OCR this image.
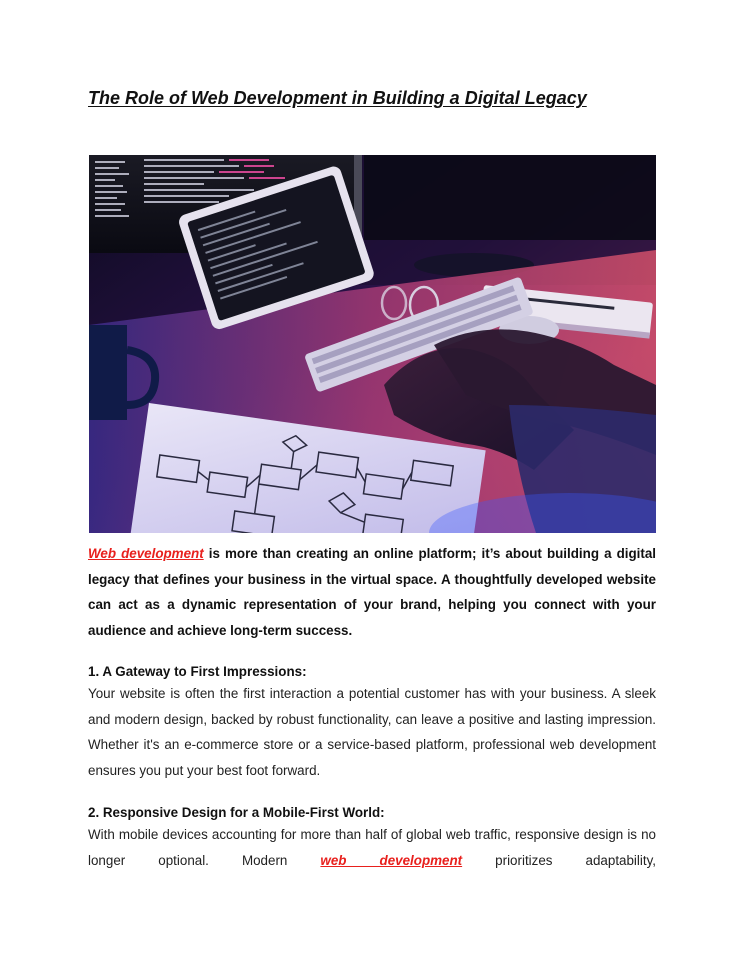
The Role of Web Development in Building a Digital Legacy

Web development is more than creating an online platform; it’s about building a digital legacy that defines your business in the virtual space. A thoughtfully developed website can act as a dynamic representation of your brand, helping you connect with your audience and achieve long-term success.

1. A Gateway to First Impressions:

Your website is often the first interaction a potential customer has with your business. A sleek and modern design, backed by robust functionality, can leave a positive and lasting impression. Whether it's an e-commerce store or a service-based platform, professional web development ensures you put your best foot forward.

2. Responsive Design for a Mobile-First World:

With mobile devices accounting for more than half of global web traffic, responsive design is no longer optional. Modern web development prioritizes adaptability,
